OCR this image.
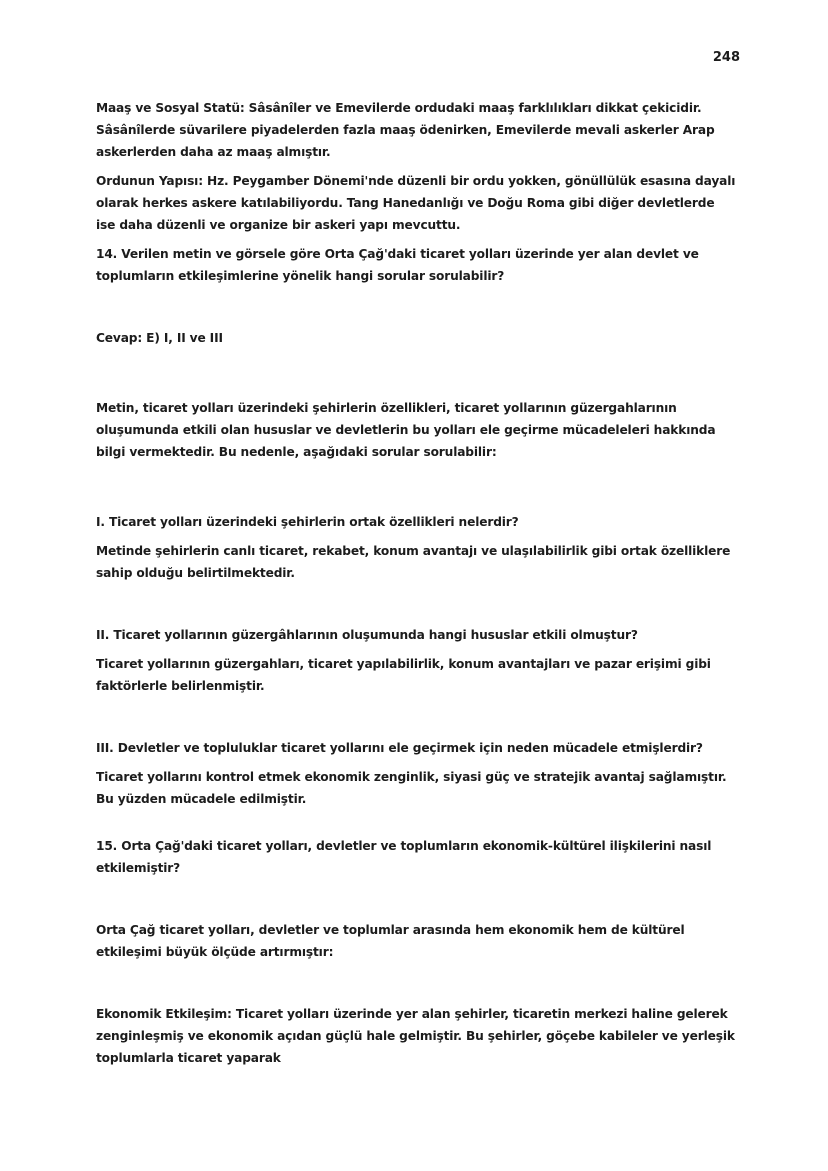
248

Maaş ve Sosyal Statü: Sâsânîler ve Emevilerde ordudaki maaş farklılıkları dikkat çekicidir. Sâsânîlerde süvarilere piyadelerden fazla maaş ödenirken, Emevilerde mevali askerler Arap askerlerden daha az maaş almıştır.

Ordunun Yapısı: Hz. Peygamber Dönemi'nde düzenli bir ordu yokken, gönüllülük esasına dayalı olarak herkes askere katılabiliyordu. Tang Hanedanlığı ve Doğu Roma gibi diğer devletlerde ise daha düzenli ve organize bir askeri yapı mevcuttu.

14. Verilen metin ve görsele göre Orta Çağ'daki ticaret yolları üzerinde yer alan devlet ve toplumların etkileşimlerine yönelik hangi sorular sorulabilir?

Cevap: E) I, II ve III

Metin, ticaret yolları üzerindeki şehirlerin özellikleri, ticaret yollarının güzergahlarının oluşumunda etkili olan hususlar ve devletlerin bu yolları ele geçirme mücadeleleri hakkında bilgi vermektedir. Bu nedenle, aşağıdaki sorular sorulabilir:

I. Ticaret yolları üzerindeki şehirlerin ortak özellikleri nelerdir?

Metinde şehirlerin canlı ticaret, rekabet, konum avantajı ve ulaşılabilirlik gibi ortak özelliklere sahip olduğu belirtilmektedir.

II. Ticaret yollarının güzergâhlarının oluşumunda hangi hususlar etkili olmuştur?

Ticaret yollarının güzergahları, ticaret yapılabilirlik, konum avantajları ve pazar erişimi gibi faktörlerle belirlenmiştir.

III. Devletler ve topluluklar ticaret yollarını ele geçirmek için neden mücadele etmişlerdir?

Ticaret yollarını kontrol etmek ekonomik zenginlik, siyasi güç ve stratejik avantaj sağlamıştır. Bu yüzden mücadele edilmiştir.

15. Orta Çağ'daki ticaret yolları, devletler ve toplumların ekonomik-kültürel ilişkilerini nasıl etkilemiştir?

Orta Çağ ticaret yolları, devletler ve toplumlar arasında hem ekonomik hem de kültürel etkileşimi büyük ölçüde artırmıştır:

Ekonomik Etkileşim: Ticaret yolları üzerinde yer alan şehirler, ticaretin merkezi haline gelerek zenginleşmiş ve ekonomik açıdan güçlü hale gelmiştir. Bu şehirler, göçebe kabileler ve yerleşik toplumlarla ticaret yaparak
